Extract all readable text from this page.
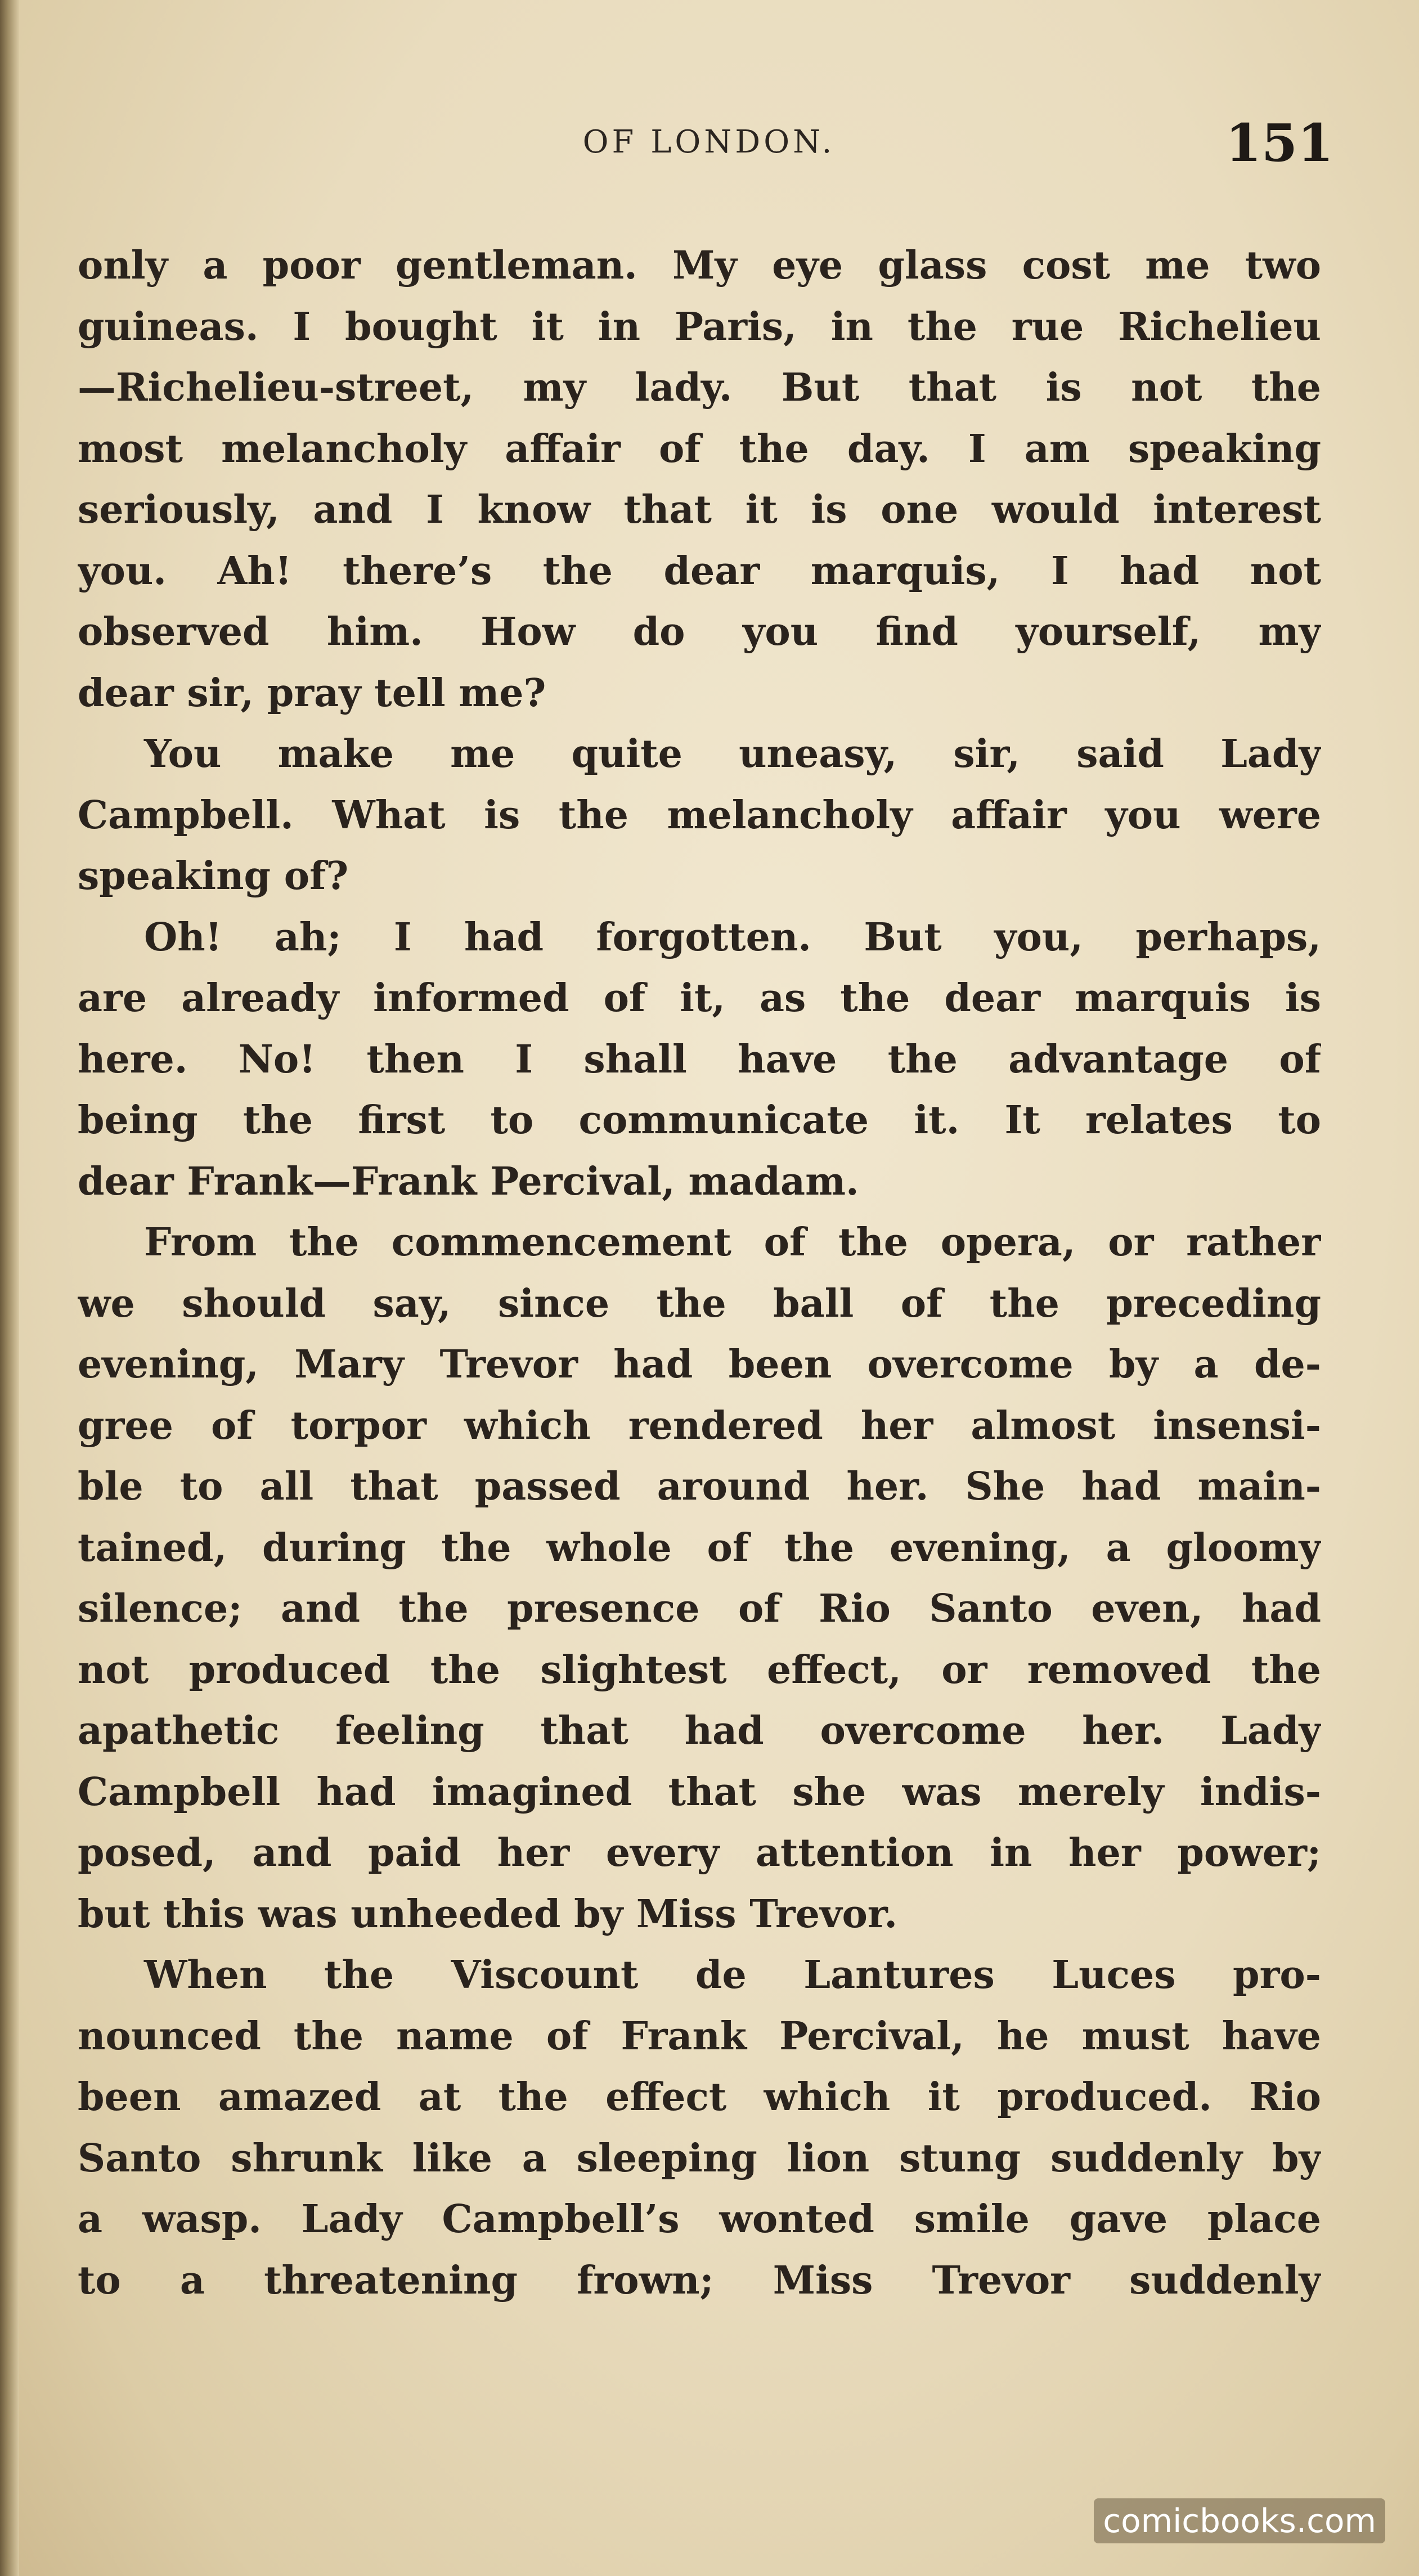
OF LONDON.	151
only a poor gentleman. My eye glass cost me two
guineas. I bought it in Paris, in the rue Richelieu
—Richelieu-street, my lady. But that is not the
most melancholy affair of the day. I am speaking
seriously, and I know that it is one would interest
you. Ah! there’s the dear marquis, I had not
observed him. How do you find yourself, my
dear sir, pray tell me?
You make me quite uneasy, sir, said Lady
Campbell. What is the melancholy affair you were
speaking of?
Oh! ah; I had forgotten. But you, perhaps,
are already informed of it, as the dear marquis is
here. No! then I shall have the advantage of
being the first to communicate it. It relates to
dear Frank—Frank Percival, madam.
From the commencement of the opera, or rather
we should say, since the ball of the preceding
evening, Mary Trevor had been overcome by a de-
gree of torpor which rendered her almost insensi-
ble to all that passed around her. She had main-
tained, during the whole of the evening, a gloomy
silence; and the presence of Rio Santo even, had
not produced the slightest effect, or removed the
apathetic feeling that had overcome her. Lady
Campbell had imagined that she was merely indis-
posed, and paid her every attention in her power;
but this was unheeded by Miss Trevor.
When the Viscount de Lantures Luces pro-
nounced the name of Frank Percival, he must have
been amazed at the effect which it produced. Rio
Santo shrunk like a sleeping lion stung suddenly by
a wasp. Lady Campbell’s wonted smile gave place
to a threatening frown; Miss Trevor suddenly
comicbooks.com
